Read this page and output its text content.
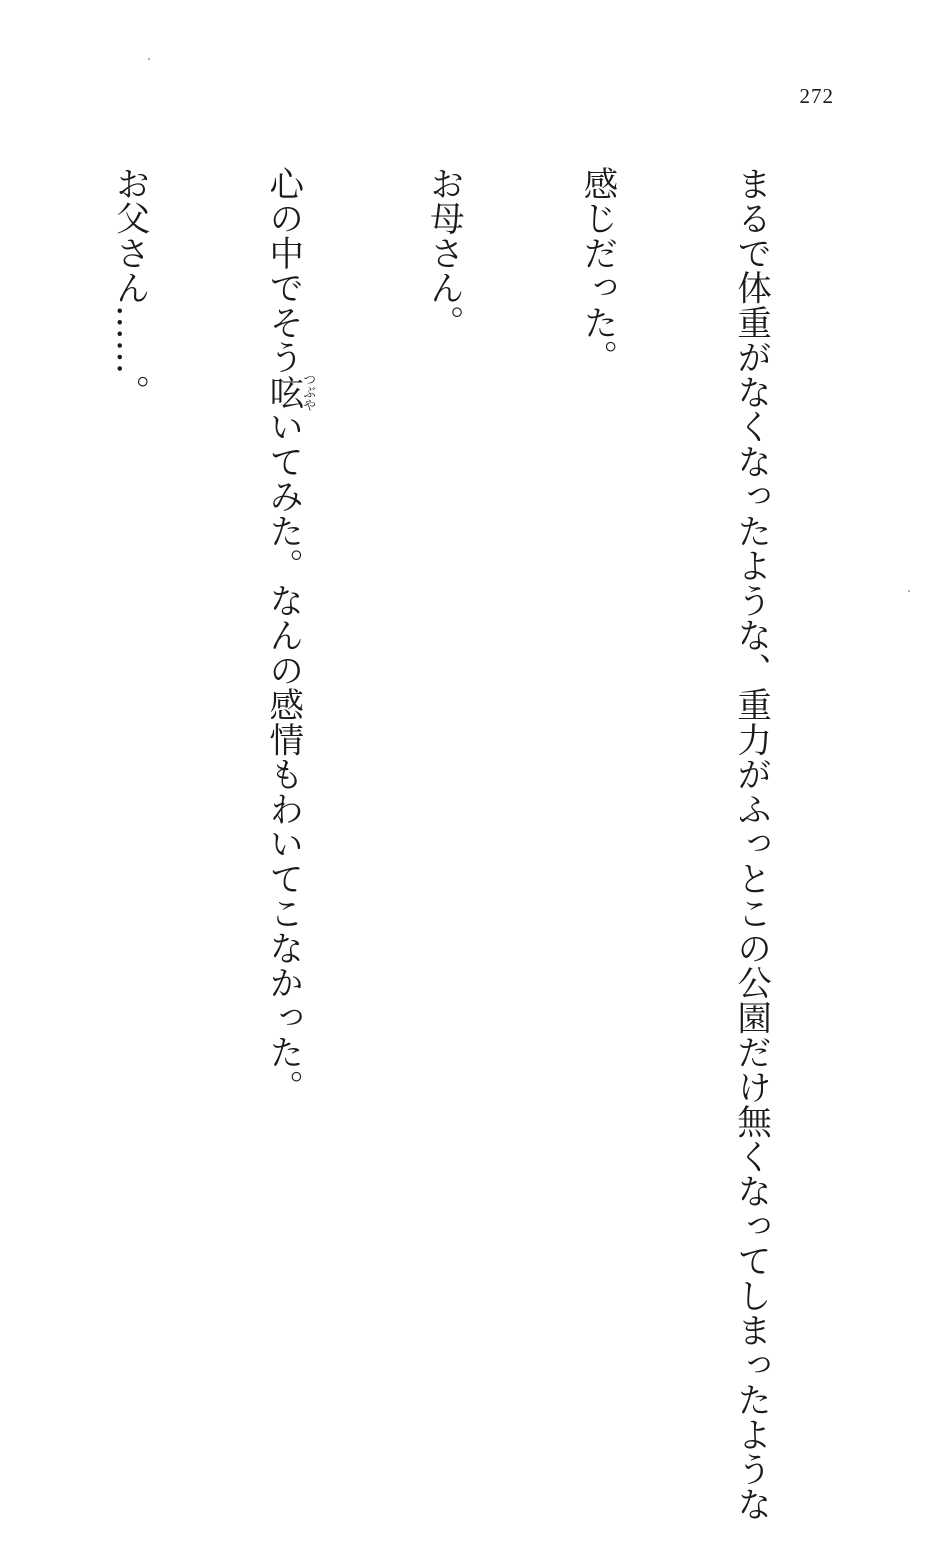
272

まるで体重がなくなったような、重力がふっとこの公園だけ無くなってしまったような

感じだった。

お母さん。

心の中でそう呟つぶやいてみた。なんの感情もわいてこなかった。

お父さん……。
